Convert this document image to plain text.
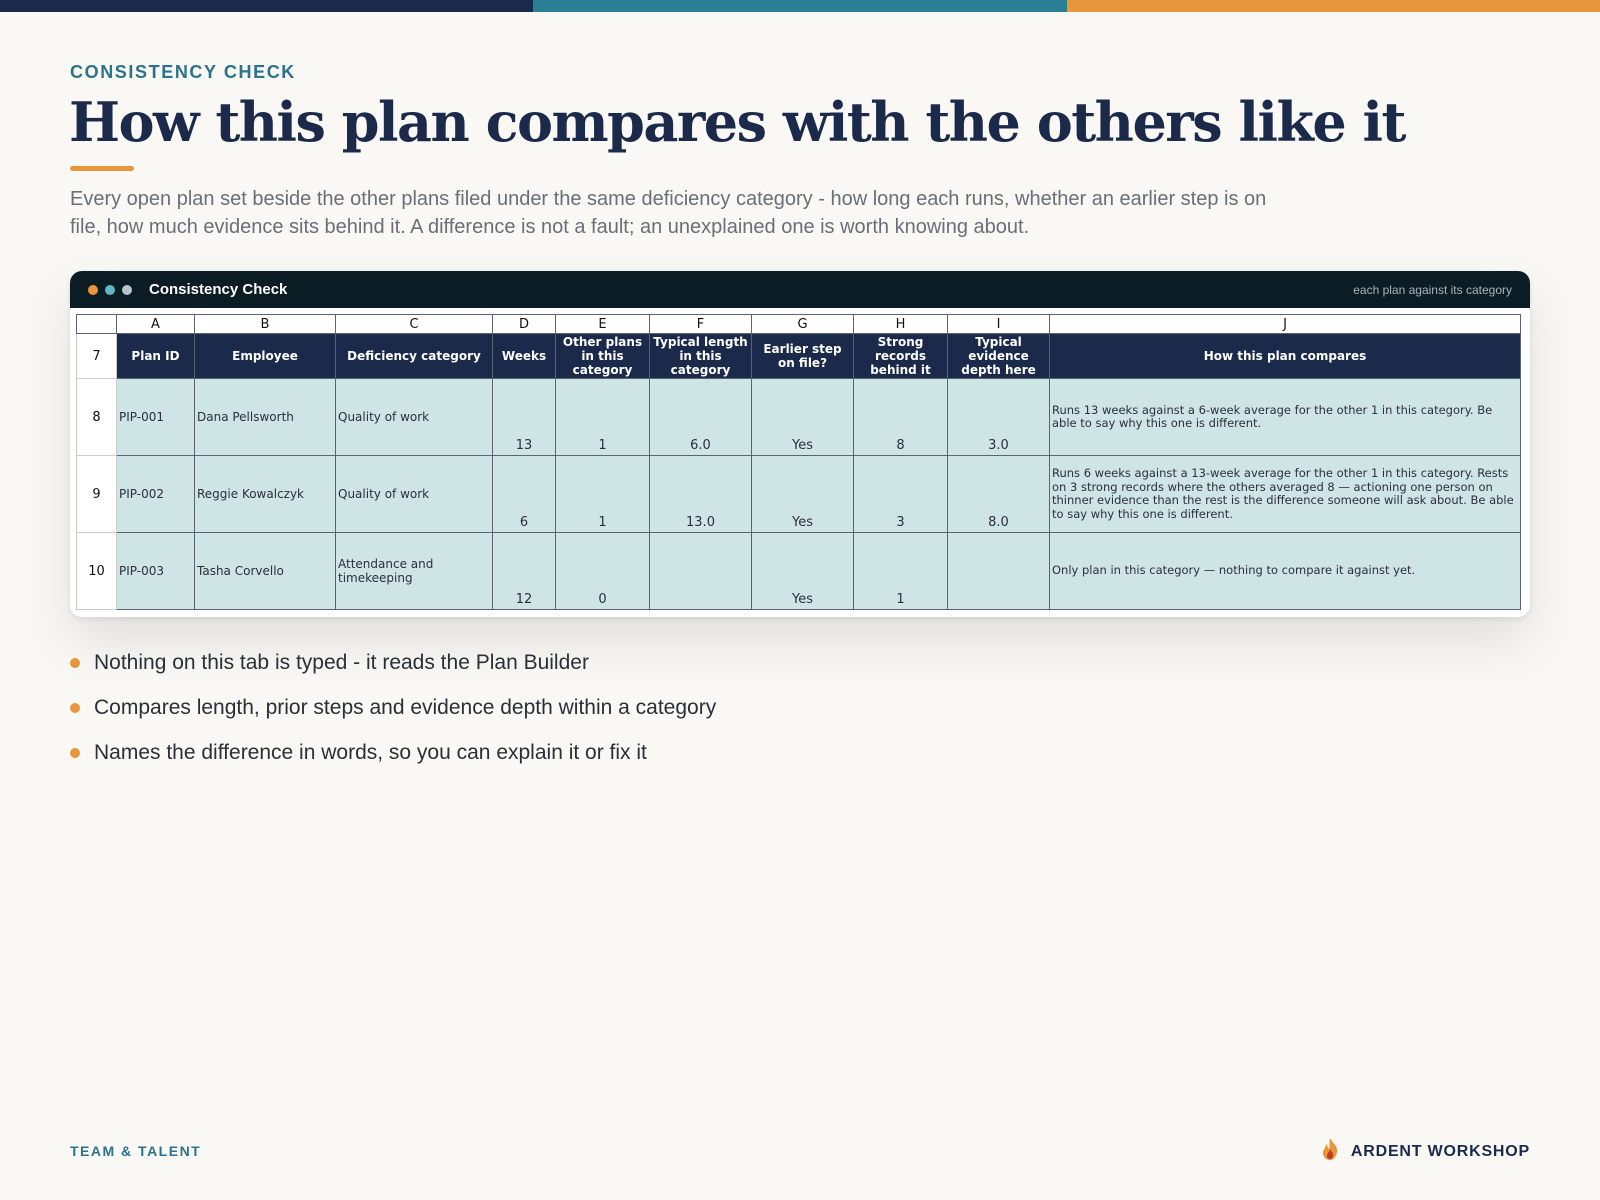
CONSISTENCY CHECK
How this plan compares with the others like it

Every open plan set beside the other plans filed under the same deficiency category - how long each runs, whether an earlier step is on file, how much evidence sits behind it. A difference is not a fault; an unexplained one is worth knowing about.

Consistency Check	each plan against its category
	A	B	C	D	E	F	G	H	I	J
7	Plan ID	Employee	Deficiency category	Weeks	Other plans in this category	Typical length in this category	Earlier step on file?	Strong records behind it	Typical evidence depth here	How this plan compares
8	PIP-001	Dana Pellsworth	Quality of work	13	1	6.0	Yes	8	3.0	Runs 13 weeks against a 6-week average for the other 1 in this category. Be able to say why this one is different.
9	PIP-002	Reggie Kowalczyk	Quality of work	6	1	13.0	Yes	3	8.0	Runs 6 weeks against a 13-week average for the other 1 in this category. Rests on 3 strong records where the others averaged 8 — actioning one person on thinner evidence than the rest is the difference someone will ask about. Be able to say why this one is different.
10	PIP-003	Tasha Corvello	Attendance and timekeeping	12	0		Yes	1		Only plan in this category — nothing to compare it against yet.
Nothing on this tab is typed - it reads the Plan Builder
Compares length, prior steps and evidence depth within a category
Names the difference in words, so you can explain it or fix it
TEAM & TALENT	ARDENT WORKSHOP
